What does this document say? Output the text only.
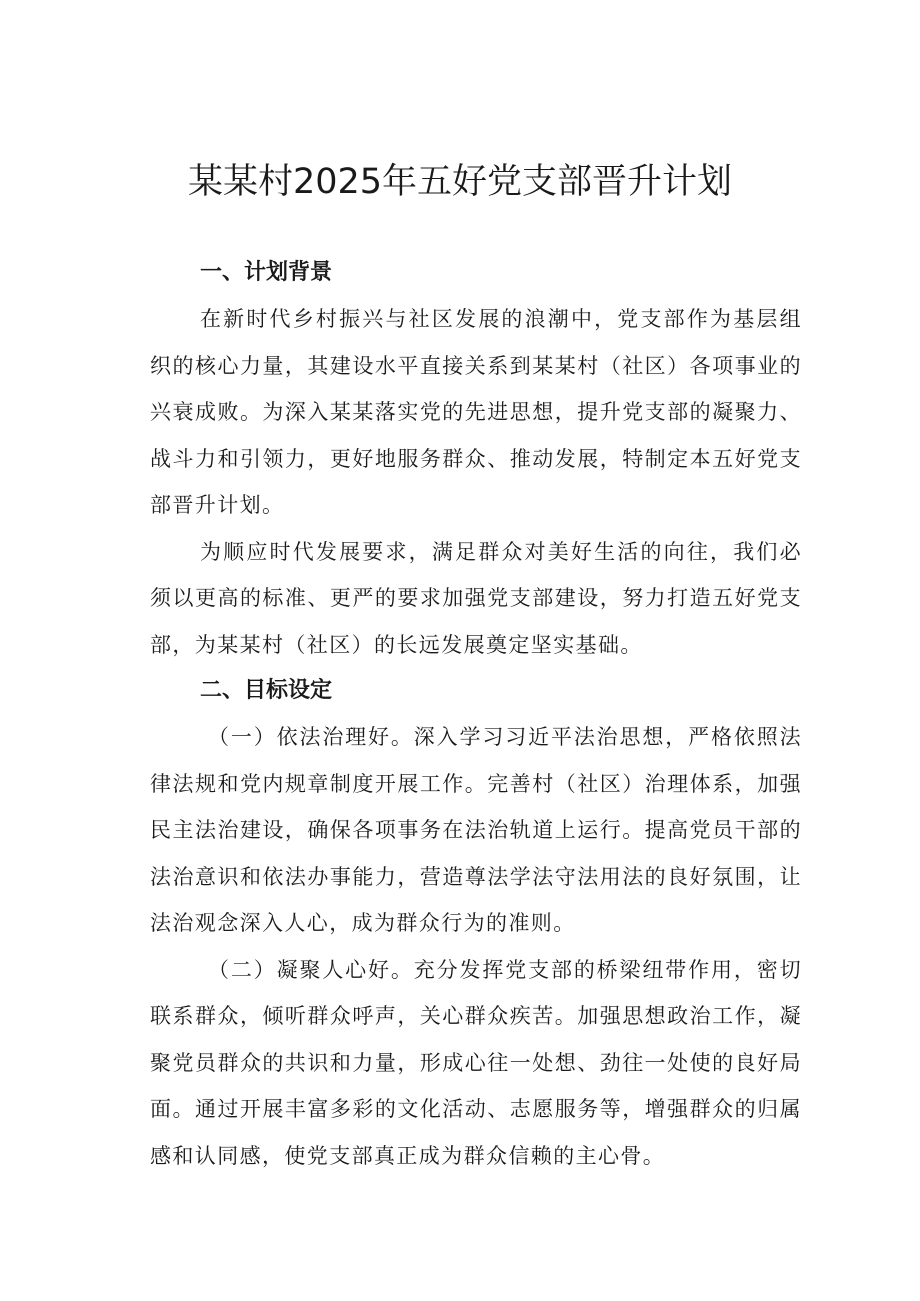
某某村2025年五好党支部晋升计划
一、计划背景

在新时代乡村振兴与社区发展的浪潮中，党支部作为基层组织的核心力量，其建设水平直接关系到某某村（社区）各项事业的兴衰成败。为深入某某落实党的先进思想，提升党支部的凝聚力、战斗力和引领力，更好地服务群众、推动发展，特制定本五好党支部晋升计划。

为顺应时代发展要求，满足群众对美好生活的向往，我们必须以更高的标准、更严的要求加强党支部建设，努力打造五好党支部，为某某村（社区）的长远发展奠定坚实基础。

二、目标设定

（一）依法治理好。深入学习习近平法治思想，严格依照法律法规和党内规章制度开展工作。完善村（社区）治理体系，加强民主法治建设，确保各项事务在法治轨道上运行。提高党员干部的法治意识和依法办事能力，营造尊法学法守法用法的良好氛围，让法治观念深入人心，成为群众行为的准则。

（二）凝聚人心好。充分发挥党支部的桥梁纽带作用，密切联系群众，倾听群众呼声，关心群众疾苦。加强思想政治工作，凝聚党员群众的共识和力量，形成心往一处想、劲往一处使的良好局面。通过开展丰富多彩的文化活动、志愿服务等，增强群众的归属感和认同感，使党支部真正成为群众信赖的主心骨。
